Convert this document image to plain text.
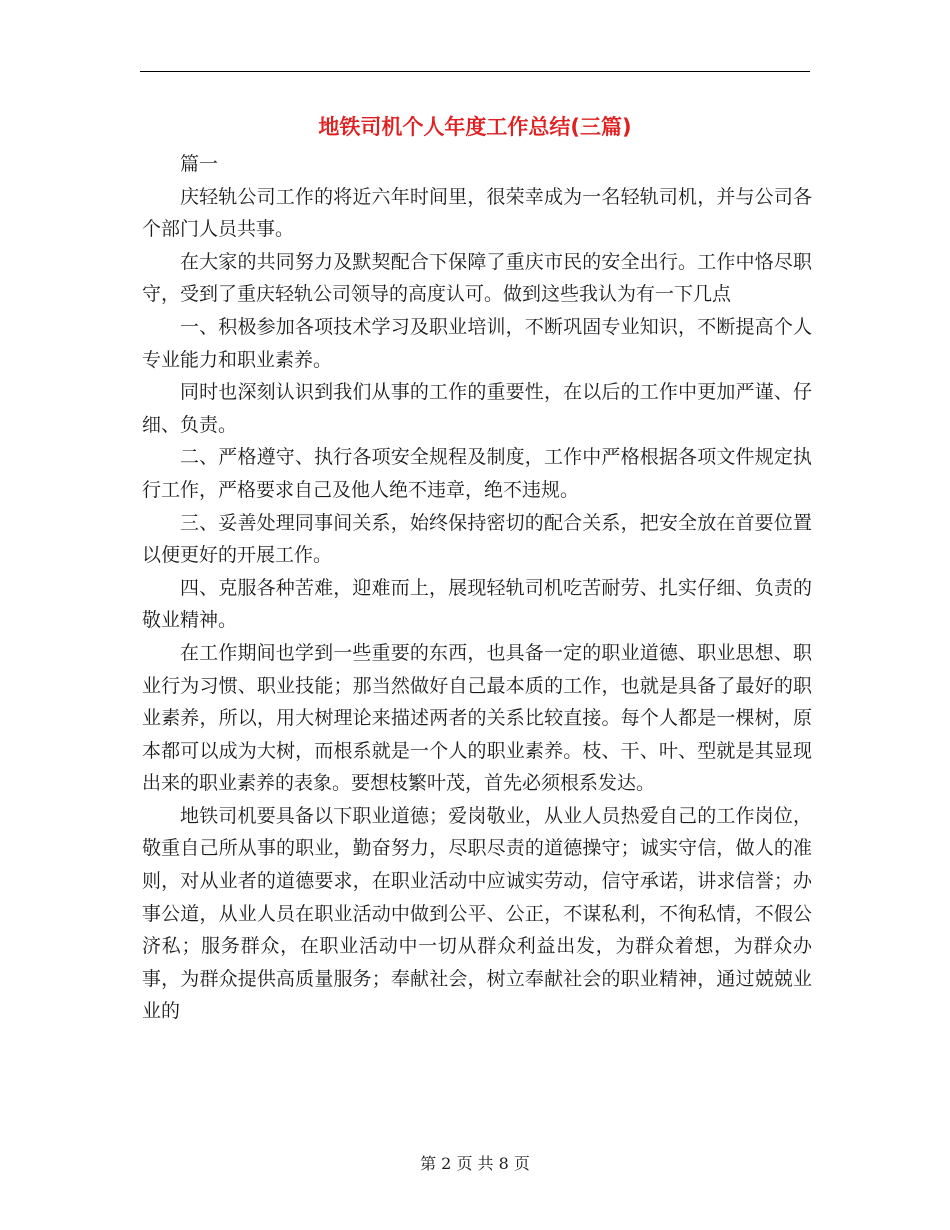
地铁司机个人年度工作总结(三篇)

篇一

庆轻轨公司工作的将近六年时间里，很荣幸成为一名轻轨司机，并与公司各个部门人员共事。

在大家的共同努力及默契配合下保障了重庆市民的安全出行。工作中恪尽职守，受到了重庆轻轨公司领导的高度认可。做到这些我认为有一下几点

一、积极参加各项技术学习及职业培训，不断巩固专业知识，不断提高个人专业能力和职业素养。

同时也深刻认识到我们从事的工作的重要性，在以后的工作中更加严谨、仔细、负责。

二、严格遵守、执行各项安全规程及制度，工作中严格根据各项文件规定执行工作，严格要求自己及他人绝不违章，绝不违规。

三、妥善处理同事间关系，始终保持密切的配合关系，把安全放在首要位置以便更好的开展工作。

四、克服各种苦难，迎难而上，展现轻轨司机吃苦耐劳、扎实仔细、负责的敬业精神。

在工作期间也学到一些重要的东西，也具备一定的职业道德、职业思想、职业行为习惯、职业技能；那当然做好自己最本质的工作，也就是具备了最好的职业素养，所以，用大树理论来描述两者的关系比较直接。每个人都是一棵树，原本都可以成为大树，而根系就是一个人的职业素养。枝、干、叶、型就是其显现出来的职业素养的表象。要想枝繁叶茂，首先必须根系发达。

地铁司机要具备以下职业道德；爱岗敬业，从业人员热爱自己的工作岗位，敬重自己所从事的职业，勤奋努力，尽职尽责的道德操守；诚实守信，做人的准则，对从业者的道德要求，在职业活动中应诚实劳动，信守承诺，讲求信誉；办事公道，从业人员在职业活动中做到公平、公正，不谋私利，不徇私情，不假公济私；服务群众，在职业活动中一切从群众利益出发，为群众着想，为群众办事，为群众提供高质量服务；奉献社会，树立奉献社会的职业精神，通过兢兢业业的

第 2 页 共 8 页
